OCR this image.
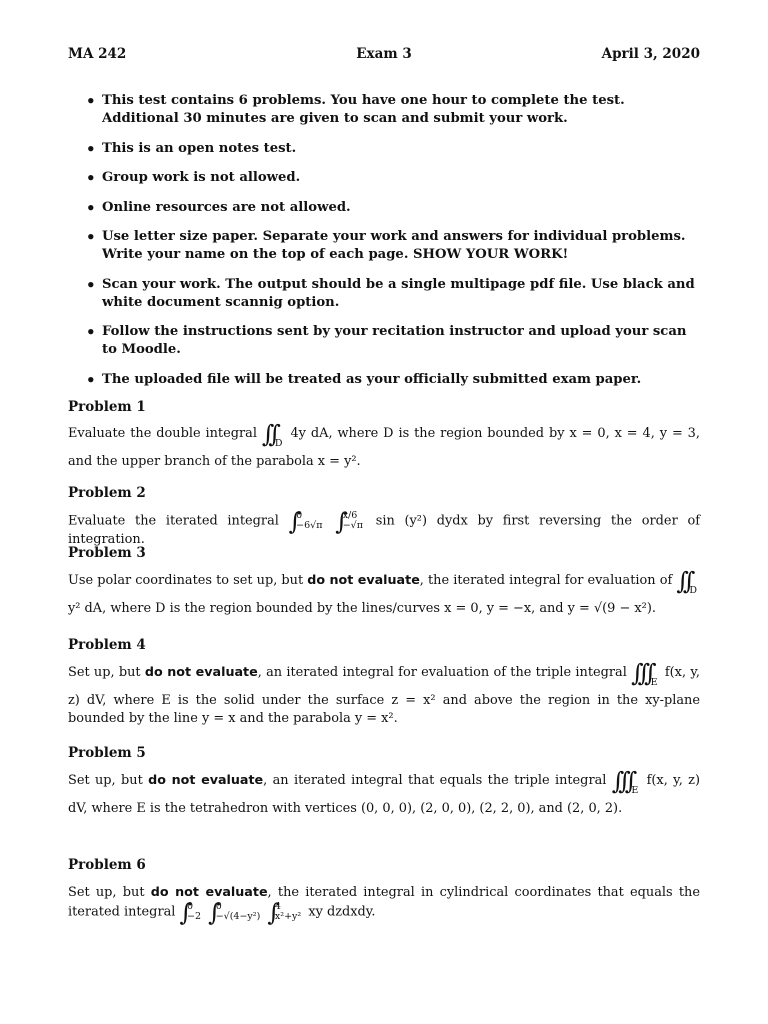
MA 242	Exam 3	April 3, 2020
• This test contains 6 problems. You have one hour to complete the test. Additional 30 minutes are given to scan and submit your work.
• This is an open notes test.
• Group work is not allowed.
• Online resources are not allowed.
• Use letter size paper. Separate your work and answers for individual problems. Write your name on the top of each page. SHOW YOUR WORK!
• Scan your work. The output should be a single multipage pdf file. Use black and white document scannig option.
• Follow the instructions sent by your recitation instructor and upload your scan to Moodle.
• The uploaded file will be treated as your officially submitted exam paper.
Problem 1
Evaluate the double integral $\int\int_D$ 4y dA, where D is the region bounded by x = 0, x = 4, y = 3, and the upper branch of the parabola x = y².
Problem 2
Evaluate the iterated integral ∫ 0
−6√π ∫ x/6
−√π sin (y²) dydx by first reversing the order of integration.
Problem 3
Use polar coordinates to set up, but do not evaluate, the iterated integral for evaluation of $\int\int_D$ y² dA, where D is the region bounded by the lines/curves x = 0, y = −x, and y = √(9 − x²).
Problem 4
Set up, but do not evaluate, an iterated integral for evaluation of the triple integral $\int\int\int_E$ f(x, y, z) dV, where E is the solid under the surface z = x² and above the region in the xy-plane bounded by the line y = x and the parabola y = x².
Problem 5
Set up, but do not evaluate, an iterated integral that equals the triple integral $\int\int\int_E$ f(x, y, z) dV, where E is the tetrahedron with vertices (0, 0, 0), (2, 0, 0), (2, 2, 0), and (2, 0, 2).
Problem 6
Set up, but do not evaluate, the iterated integral in cylindrical coordinates that equals the iterated integral ∫ 0
−2 ∫ 0
−√(4−y²) ∫ 4
x²+y² xy dzdxdy.
